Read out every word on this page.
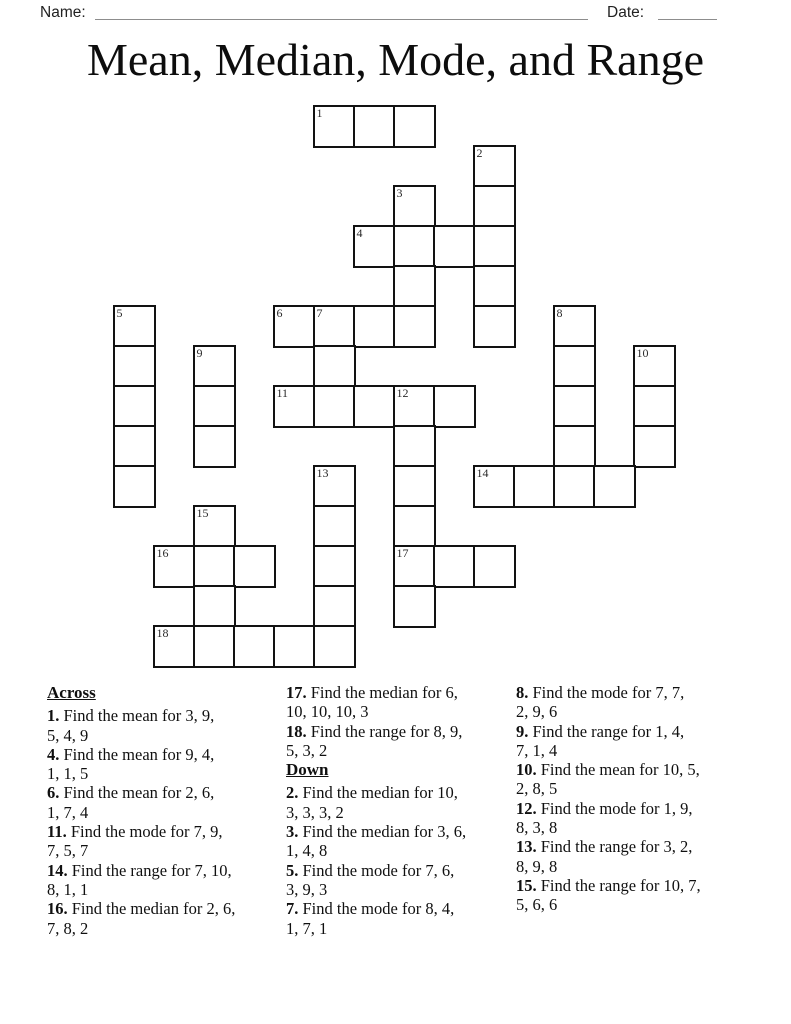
Name:	Date:
Mean, Median, Mode, and Range
1
2
3
4
5	6	7	8
9	10
11	12
13	14
15
16	17
18
Across
1. Find the mean for 3, 9,
5, 4, 9
4. Find the mean for 9, 4,
1, 1, 5
6. Find the mean for 2, 6,
1, 7, 4
11. Find the mode for 7, 9,
7, 5, 7
14. Find the range for 7, 10,
8, 1, 1
16. Find the median for 2, 6,
7, 8, 2
17. Find the median for 6,
10, 10, 10, 3
18. Find the range for 8, 9,
5, 3, 2
Down
2. Find the median for 10,
3, 3, 3, 2
3. Find the median for 3, 6,
1, 4, 8
5. Find the mode for 7, 6,
3, 9, 3
7. Find the mode for 8, 4,
1, 7, 1
8. Find the mode for 7, 7,
2, 9, 6
9. Find the range for 1, 4,
7, 1, 4
10. Find the mean for 10, 5,
2, 8, 5
12. Find the mode for 1, 9,
8, 3, 8
13. Find the range for 3, 2,
8, 9, 8
15. Find the range for 10, 7,
5, 6, 6
